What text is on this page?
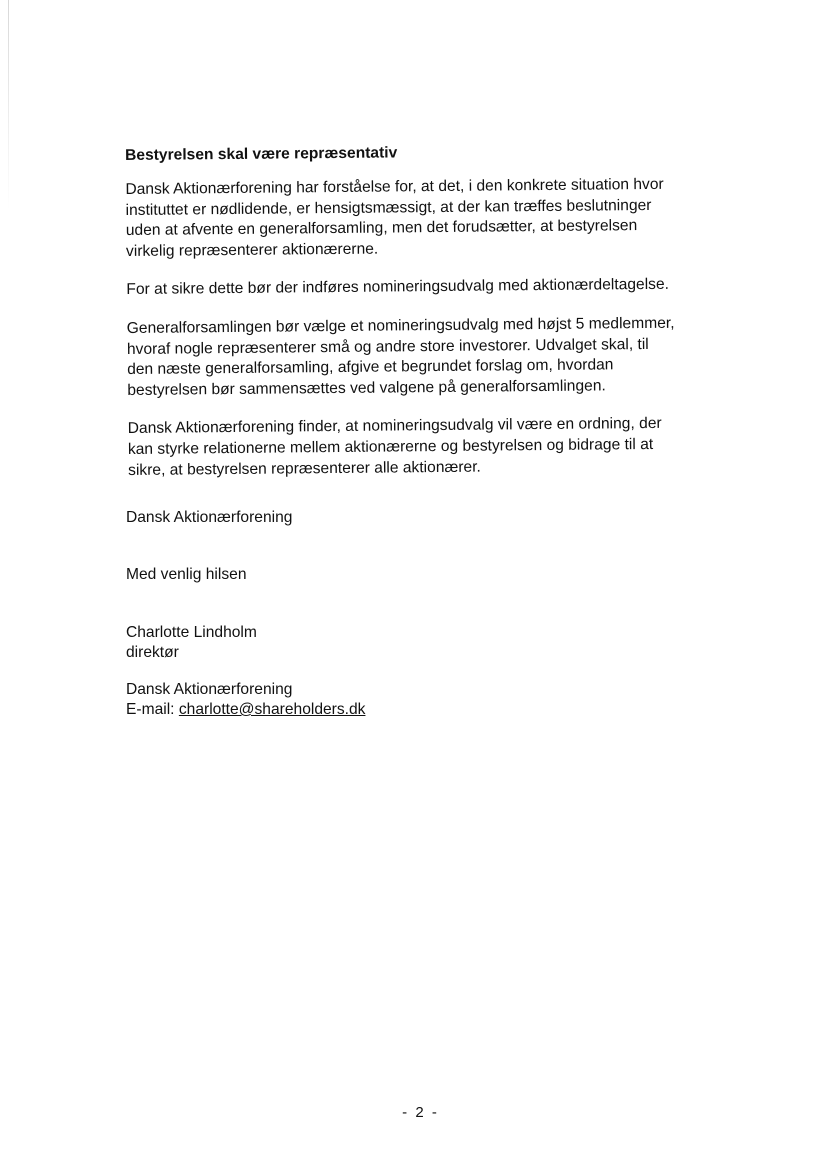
Bestyrelsen skal være repræsentativ

Dansk Aktionærforening har forståelse for, at det, i den konkrete situation hvor
instituttet er nødlidende, er hensigtsmæssigt, at der kan træffes beslutninger
uden at afvente en generalforsamling, men det forudsætter, at bestyrelsen
virkelig repræsenterer aktionærerne.

For at sikre dette bør der indføres nomineringsudvalg med aktionærdeltagelse.

Generalforsamlingen bør vælge et nomineringsudvalg med højst 5 medlemmer,
hvoraf nogle repræsenterer små og andre store investorer. Udvalget skal, til
den næste generalforsamling, afgive et begrundet forslag om, hvordan
bestyrelsen bør sammensættes ved valgene på generalforsamlingen.

Dansk Aktionærforening finder, at nomineringsudvalg vil være en ordning, der
kan styrke relationerne mellem aktionærerne og bestyrelsen og bidrage til at
sikre, at bestyrelsen repræsenterer alle aktionærer.

Dansk Aktionærforening
Med venlig hilsen
Charlotte Lindholm
direktør
Dansk Aktionærforening
E-mail: charlotte@shareholders.dk
- 2 -
